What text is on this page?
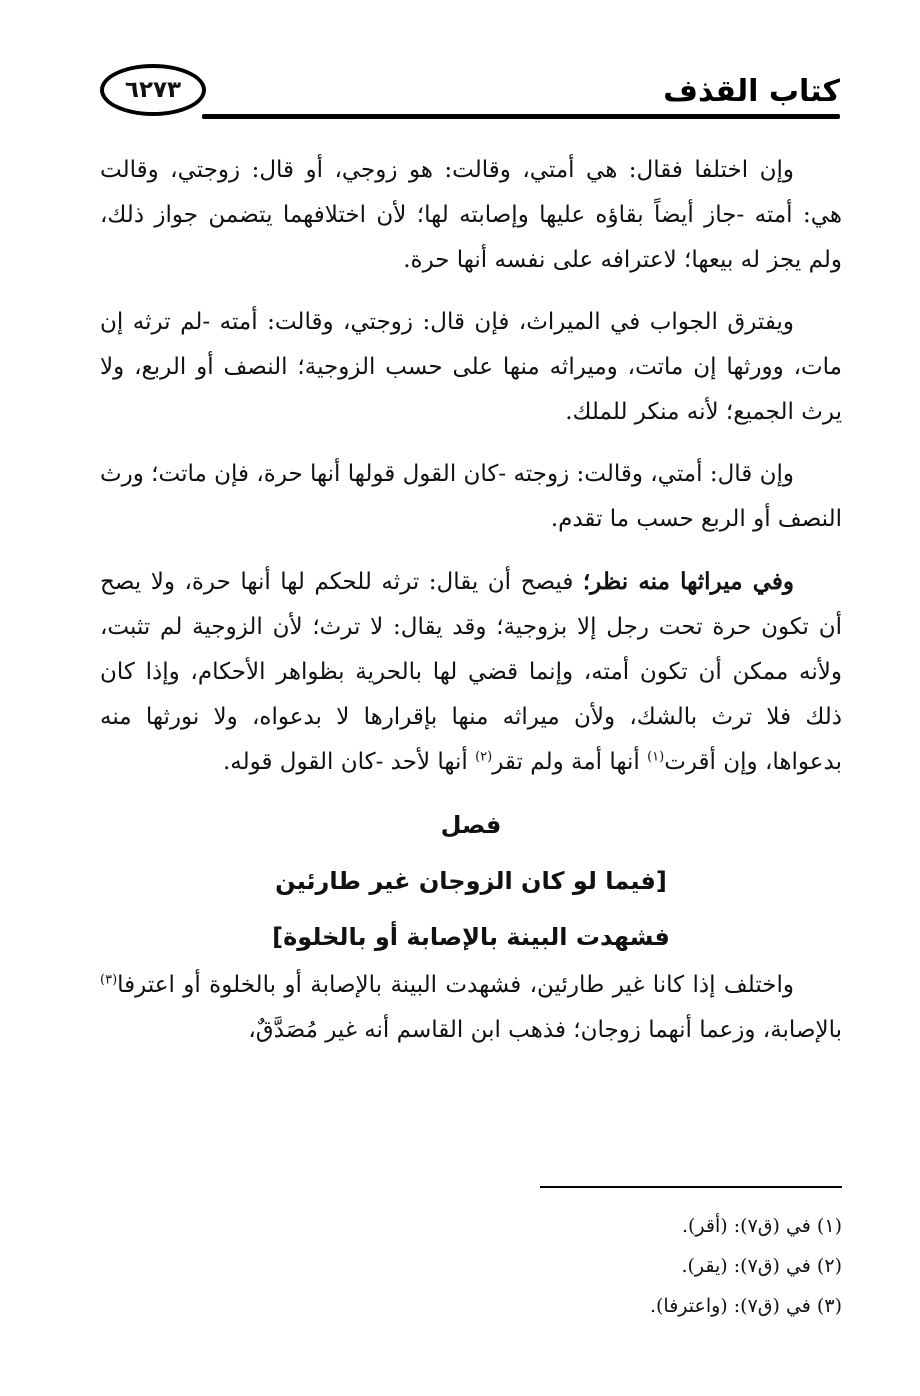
كتاب القذف
٦٢٧٣

وإن اختلفا فقال: هي أمتي، وقالت: هو زوجي، أو قال: زوجتي، وقالت هي: أمته -جاز أيضاً بقاؤه عليها وإصابته لها؛ لأن اختلافهما يتضمن جواز ذلك، ولم يجز له بيعها؛ لاعترافه على نفسه أنها حرة.

ويفترق الجواب في الميراث، فإن قال: زوجتي، وقالت: أمته -لم ترثه إن مات، وورثها إن ماتت، وميراثه منها على حسب الزوجية؛ النصف أو الربع، ولا يرث الجميع؛ لأنه منكر للملك.

وإن قال: أمتي، وقالت: زوجته -كان القول قولها أنها حرة، فإن ماتت؛ ورث النصف أو الربع حسب ما تقدم.

وفي ميراثها منه نظر؛ فيصح أن يقال: ترثه للحكم لها أنها حرة، ولا يصح أن تكون حرة تحت رجل إلا بزوجية؛ وقد يقال: لا ترث؛ لأن الزوجية لم تثبت، ولأنه ممكن أن تكون أمته، وإنما قضي لها بالحرية بظواهر الأحكام، وإذا كان ذلك فلا ترث بالشك، ولأن ميراثه منها بإقرارها لا بدعواه، ولا نورثها منه بدعواها، وإن أقرت$^{(١)}$ أنها أمة ولم تقر$^{(٢)}$ أنها لأحد -كان القول قوله.

فصل
[فيما لو كان الزوجان غير طارئين
فشهدت البينة بالإصابة أو بالخلوة]

واختلف إذا كانا غير طارئين، فشهدت البينة بالإصابة أو بالخلوة أو اعترفا$^{(٣)}$ بالإصابة، وزعما أنهما زوجان؛ فذهب ابن القاسم أنه غير مُصَدَّقٌ،

(١) في (ق٧): (أقر).
(٢) في (ق٧): (يقر).
(٣) في (ق٧): (واعترفا).
